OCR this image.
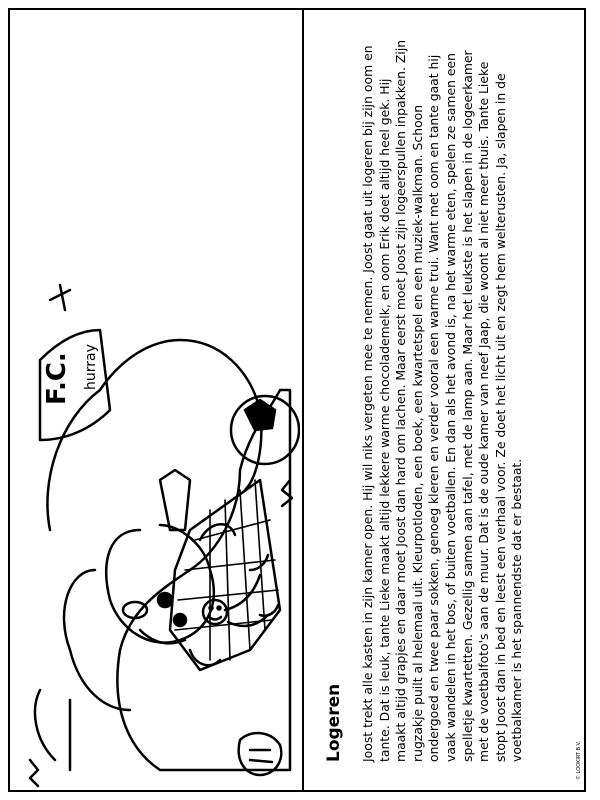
F.C. hurray
Logeren Joost trekt alle kasten in zijn kamer open. Hij wil niks vergeten mee te nemen. Joost gaat uit logeren bij zijn oom en tante. Dat is leuk, tante Lieke maakt altijd lekkere warme chocolademelk, en oom Erik doet altijd heel gek. Hij maakt altijd grapjes en daar moet Joost dan hard om lachen. Maar eerst moet Joost zijn logeerspullen inpakken. Zijn rugzakje puilt al helemaal uit. Kleurpotloden, een boek, een kwartetspel en een muziek-walkman. Schoon ondergoed en twee paar sokken, genoeg kleren en verder vooral een warme trui. Want met oom en tante gaat hij vaak wandelen in het bos, of buiten voetballen. En dan als het avond is, na het warme eten, spelen ze samen een spelletje kwartetten. Gezellig samen aan tafel, met de lamp aan. Maar het leukste is het slapen in de logeerkamer met de voetbalfoto's aan de muur. Dat is de oude kamer van neef Jaap, die woont al niet meer thuis. Tante Lieke stopt Joost dan in bed en leest een verhaal voor. Ze doet het licht uit en zegt hem welterusten. Ja, slapen in de voetbalkamer is het spannendste dat er bestaat.	© LOOKIRT B.V.
